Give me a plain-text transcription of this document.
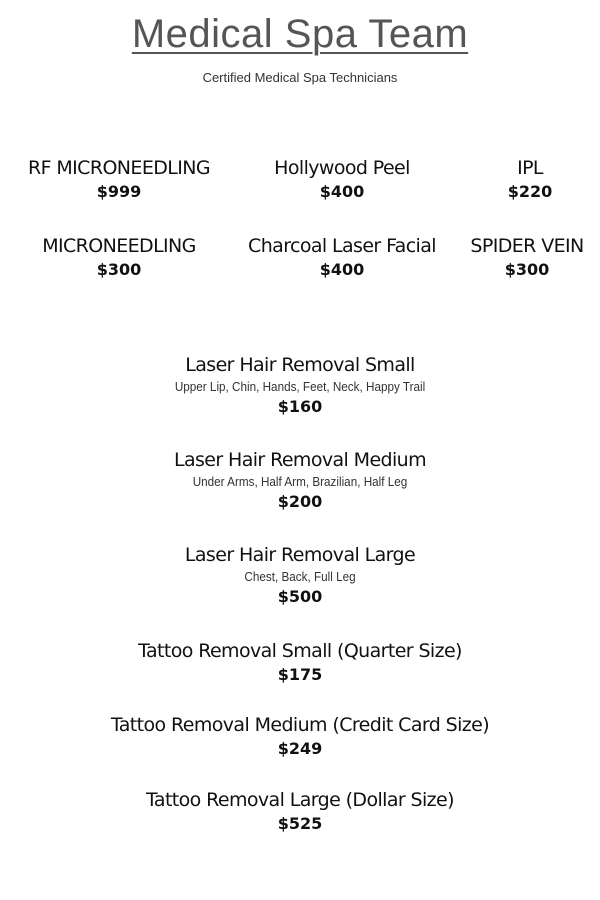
Medical Spa Team
Certified Medical Spa Technicians
RF MICRONEEDLING
$999
Hollywood Peel
$400
IPL
$220
MICRONEEDLING
$300
Charcoal Laser Facial
$400
SPIDER VEIN
$300
Laser Hair Removal Small
Upper Lip, Chin, Hands, Feet, Neck, Happy Trail
$160
Laser Hair Removal Medium
Under Arms, Half Arm, Brazilian, Half Leg
$200
Laser Hair Removal Large
Chest, Back, Full Leg
$500
Tattoo Removal Small (Quarter Size)
$175
Tattoo Removal Medium (Credit Card Size)
$249
Tattoo Removal Large (Dollar Size)
$525
